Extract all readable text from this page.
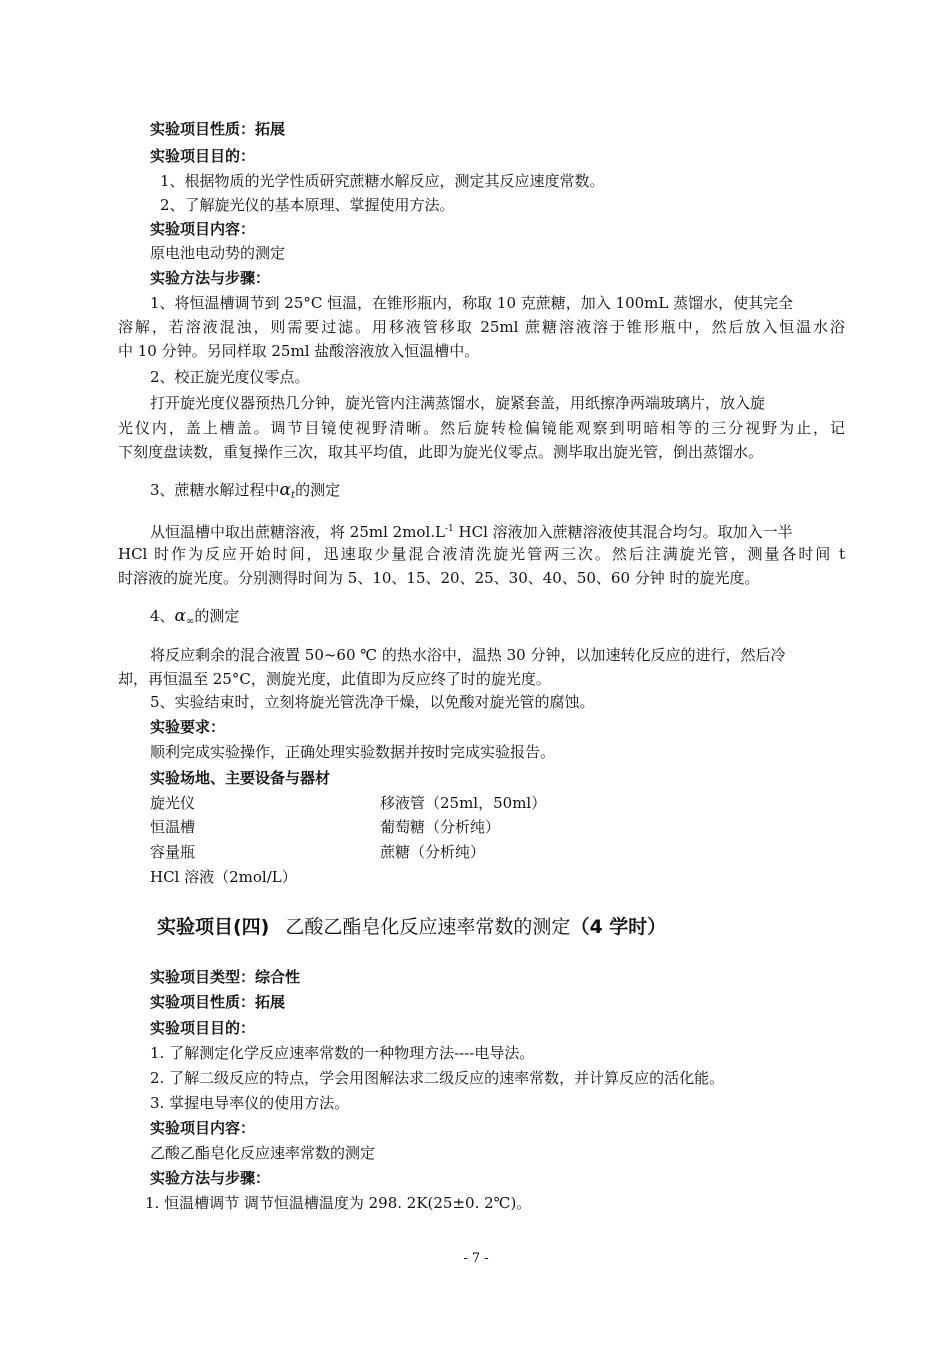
实验项目性质：拓展
实验项目目的：
1、根据物质的光学性质研究蔗糖水解反应，测定其反应速度常数。
2、了解旋光仪的基本原理、掌握使用方法。
实验项目内容：
原电池电动势的测定
实验方法与步骤：
1、将恒温槽调节到 25°C 恒温，在锥形瓶内，称取 10 克蔗糖，加入 100mL 蒸馏水，使其完全
溶解，若溶液混浊，则需要过滤。用移液管移取 25ml 蔗糖溶液溶于锥形瓶中，然后放入恒温水浴
中 10 分钟。另同样取 25ml 盐酸溶液放入恒温槽中。
2、校正旋光度仪零点。
打开旋光度仪器预热几分钟，旋光管内注满蒸馏水，旋紧套盖，用纸擦净两端玻璃片，放入旋
光仪内，盖上槽盖。调节目镜使视野清晰。然后旋转检偏镜能观察到明暗相等的三分视野为止，记
下刻度盘读数，重复操作三次，取其平均值，此即为旋光仪零点。测毕取出旋光管，倒出蒸馏水。
3、蔗糖水解过程中$\alpha_t$的测定
从恒温槽中取出蔗糖溶液，将 25ml $2mol.L^{-1}$ HCl 溶液加入蔗糖溶液使其混合均匀。取加入一半
HCl 时作为反应开始时间，迅速取少量混合液清洗旋光管两三次。然后注满旋光管，测量各时间 t
时溶液的旋光度。分别测得时间为 5、10、15、20、25、30、40、50、60 分钟 时的旋光度。
4、$\alpha_\infty$的测定
将反应剩余的混合液置 50~60 ℃ 的热水浴中，温热 30 分钟，以加速转化反应的进行，然后冷
却，再恒温至 25°C，测旋光度，此值即为反应终了时的旋光度。
5、实验结束时，立刻将旋光管洗净干燥，以免酸对旋光管的腐蚀。
实验要求：
顺利完成实验操作，正确处理实验数据并按时完成实验报告。
实验场地、主要设备与器材
旋光仪	移液管（25ml，50ml）
恒温槽	葡萄糖（分析纯）
容量瓶	蔗糖（分析纯）
HCl 溶液（2mol/L）
实验项目(四) 乙酸乙酯皂化反应速率常数的测定（4 学时）
实验项目类型：综合性
实验项目性质：拓展
实验项目目的：
1. 了解测定化学反应速率常数的一种物理方法----电导法。
2. 了解二级反应的特点，学会用图解法求二级反应的速率常数，并计算反应的活化能。
3. 掌握电导率仪的使用方法。
实验项目内容：
乙酸乙酯皂化反应速率常数的测定
实验方法与步骤：
1. 恒温槽调节 调节恒温槽温度为 298. 2K(25±0. 2℃)。
- 7 -
